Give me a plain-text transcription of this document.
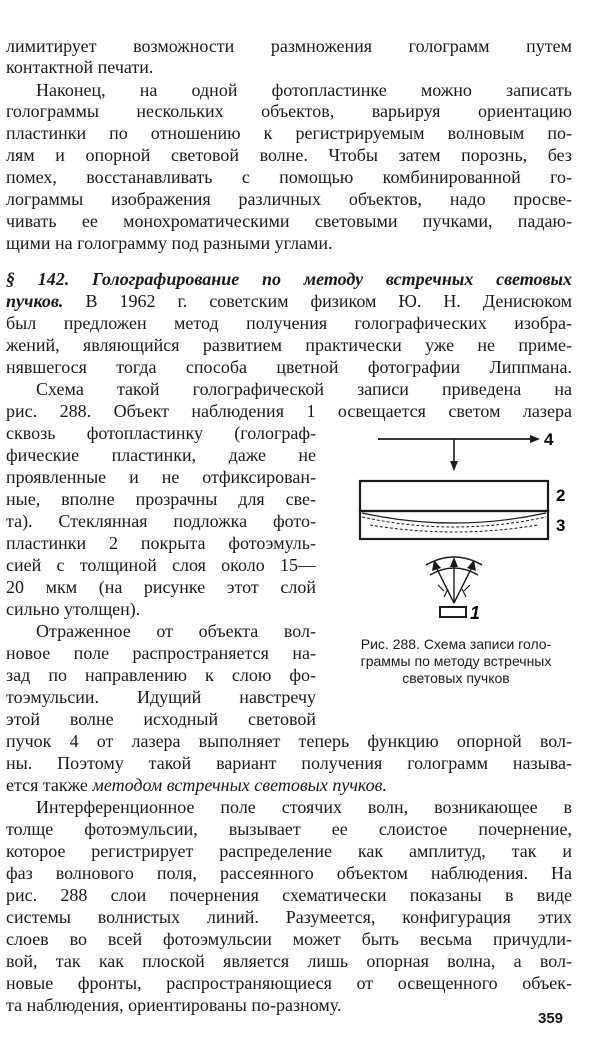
лимитирует возможности размножения голограмм путем
контактной печати.
Наконец, на одной фотопластинке можно записать
голограммы нескольких объектов, варьируя ориентацию
пластинки по отношению к регистрируемым волновым по-
лям и опорной световой волне. Чтобы затем порознь, без
помех, восстанавливать с помощью комбинированной го-
лограммы изображения различных объектов, надо просве-
чивать ее монохроматическими световыми пучками, падаю-
щими на голограмму под разными углами.
§ 142. Голографирование по методу встречных световых
пучков. В 1962 г. советским физиком Ю. Н. Денисюком
был предложен метод получения голографических изобра-
жений, являющийся развитием практически уже не приме-
нявшегося тогда способа цветной фотографии Липпмана.
Схема такой голографической записи приведена на
рис. 288. Объект наблюдения 1 освещается светом лазера
сквозь фотопластинку (голограф-
фические пластинки, даже не
проявленные и не отфиксирован-
ные, вполне прозрачны для све-
та). Стеклянная подложка фото-
пластинки 2 покрыта фотоэмуль-
сией с толщиной слоя около 15—
20 мкм (на рисунке этот слой
сильно утолщен).
Отраженное от объекта вол-
новое поле распространяется на-
зад по направлению к слою фо-
тоэмульсии. Идущий навстречу
этой волне исходный световой
пучок 4 от лазера выполняет теперь функцию опорной вол-
ны. Поэтому такой вариант получения голограмм называ-
ется также методом встречных световых пучков.
Интерференционное поле стоячих волн, возникающее в
толще фотоэмульсии, вызывает ее слоистое почернение,
которое регистрирует распределение как амплитуд, так и
фаз волнового поля, рассеянного объектом наблюдения. На
рис. 288 слои почернения схематически показаны в виде
системы волнистых линий. Разумеется, конфигурация этих
слоев во всей фотоэмульсии может быть весьма причудли-
вой, так как плоской является лишь опорная волна, а вол-
новые фронты, распространяющиеся от освещенного объек-
та наблюдения, ориентированы по-разному.
4
2
3
1
Рис. 288. Схема записи голо-
граммы по методу встречных
световых пучков
359
